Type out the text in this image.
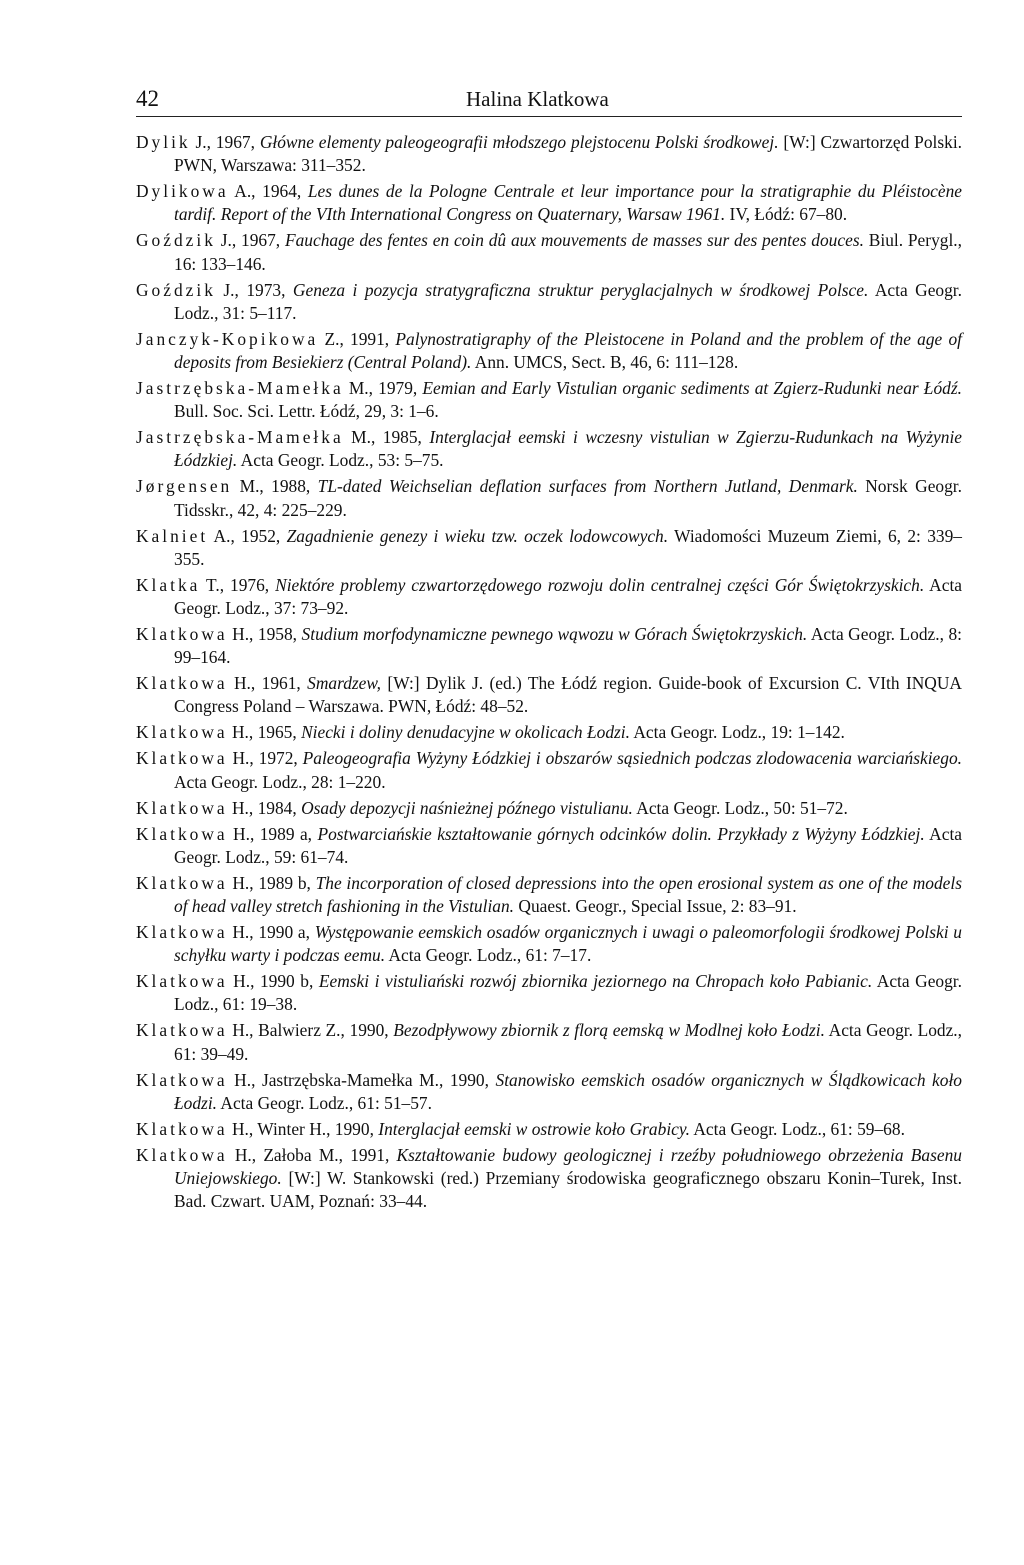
42	Halina Klatkowa
Dylik J., 1967, Główne elementy paleogeografii młodszego plejstocenu Polski środkowej. [W:] Czwartorzęd Polski. PWN, Warszawa: 311–352.
Dylikowa A., 1964, Les dunes de la Pologne Centrale et leur importance pour la stratigraphie du Pléistocène tardif. Report of the VIth International Congress on Quaternary, Warsaw 1961. IV, Łódź: 67–80.
Goździk J., 1967, Fauchage des fentes en coin dû aux mouvements de masses sur des pentes douces. Biul. Perygl., 16: 133–146.
Goździk J., 1973, Geneza i pozycja stratygraficzna struktur peryglacjalnych w środkowej Polsce. Acta Geogr. Lodz., 31: 5–117.
Janczyk-Kopikowa Z., 1991, Palynostratigraphy of the Pleistocene in Poland and the problem of the age of deposits from Besiekierz (Central Poland). Ann. UMCS, Sect. B, 46, 6: 111–128.
Jastrzębska-Mamełka M., 1979, Eemian and Early Vistulian organic sediments at Zgierz-Rudunki near Łódź. Bull. Soc. Sci. Lettr. Łódź, 29, 3: 1–6.
Jastrzębska-Mamełka M., 1985, Interglacjał eemski i wczesny vistulian w Zgierzu-Rudunkach na Wyżynie Łódzkiej. Acta Geogr. Lodz., 53: 5–75.
Jørgensen M., 1988, TL-dated Weichselian deflation surfaces from Northern Jutland, Denmark. Norsk Geogr. Tidsskr., 42, 4: 225–229.
Kalniet A., 1952, Zagadnienie genezy i wieku tzw. oczek lodowcowych. Wiadomości Muzeum Ziemi, 6, 2: 339–355.
Klatka T., 1976, Niektóre problemy czwartorzędowego rozwoju dolin centralnej części Gór Świętokrzyskich. Acta Geogr. Lodz., 37: 73–92.
Klatkowa H., 1958, Studium morfodynamiczne pewnego wąwozu w Górach Świętokrzyskich. Acta Geogr. Lodz., 8: 99–164.
Klatkowa H., 1961, Smardzew, [W:] Dylik J. (ed.) The Łódź region. Guide-book of Excursion C. VIth INQUA Congress Poland – Warszawa. PWN, Łódź: 48–52.
Klatkowa H., 1965, Niecki i doliny denudacyjne w okolicach Łodzi. Acta Geogr. Lodz., 19: 1–142.
Klatkowa H., 1972, Paleogeografia Wyżyny Łódzkiej i obszarów sąsiednich podczas zlodowacenia warciańskiego. Acta Geogr. Lodz., 28: 1–220.
Klatkowa H., 1984, Osady depozycji naśnieżnej późnego vistulianu. Acta Geogr. Lodz., 50: 51–72.
Klatkowa H., 1989 a, Postwarciańskie kształtowanie górnych odcinków dolin. Przykłady z Wyżyny Łódzkiej. Acta Geogr. Lodz., 59: 61–74.
Klatkowa H., 1989 b, The incorporation of closed depressions into the open erosional system as one of the models of head valley stretch fashioning in the Vistulian. Quaest. Geogr., Special Issue, 2: 83–91.
Klatkowa H., 1990 a, Występowanie eemskich osadów organicznych i uwagi o paleomorfologii środkowej Polski u schyłku warty i podczas eemu. Acta Geogr. Lodz., 61: 7–17.
Klatkowa H., 1990 b, Eemski i vistuliański rozwój zbiornika jeziornego na Chropach koło Pabianic. Acta Geogr. Lodz., 61: 19–38.
Klatkowa H., Balwierz Z., 1990, Bezodpływowy zbiornik z florą eemską w Modlnej koło Łodzi. Acta Geogr. Lodz., 61: 39–49.
Klatkowa H., Jastrzębska-Mamełka M., 1990, Stanowisko eemskich osadów organicznych w Ślądkowicach koło Łodzi. Acta Geogr. Lodz., 61: 51–57.
Klatkowa H., Winter H., 1990, Interglacjał eemski w ostrowie koło Grabicy. Acta Geogr. Lodz., 61: 59–68.
Klatkowa H., Załoba M., 1991, Kształtowanie budowy geologicznej i rzeźby południowego obrzeżenia Basenu Uniejowskiego. [W:] W. Stankowski (red.) Przemiany środowiska geograficznego obszaru Konin–Turek, Inst. Bad. Czwart. UAM, Poznań: 33–44.
